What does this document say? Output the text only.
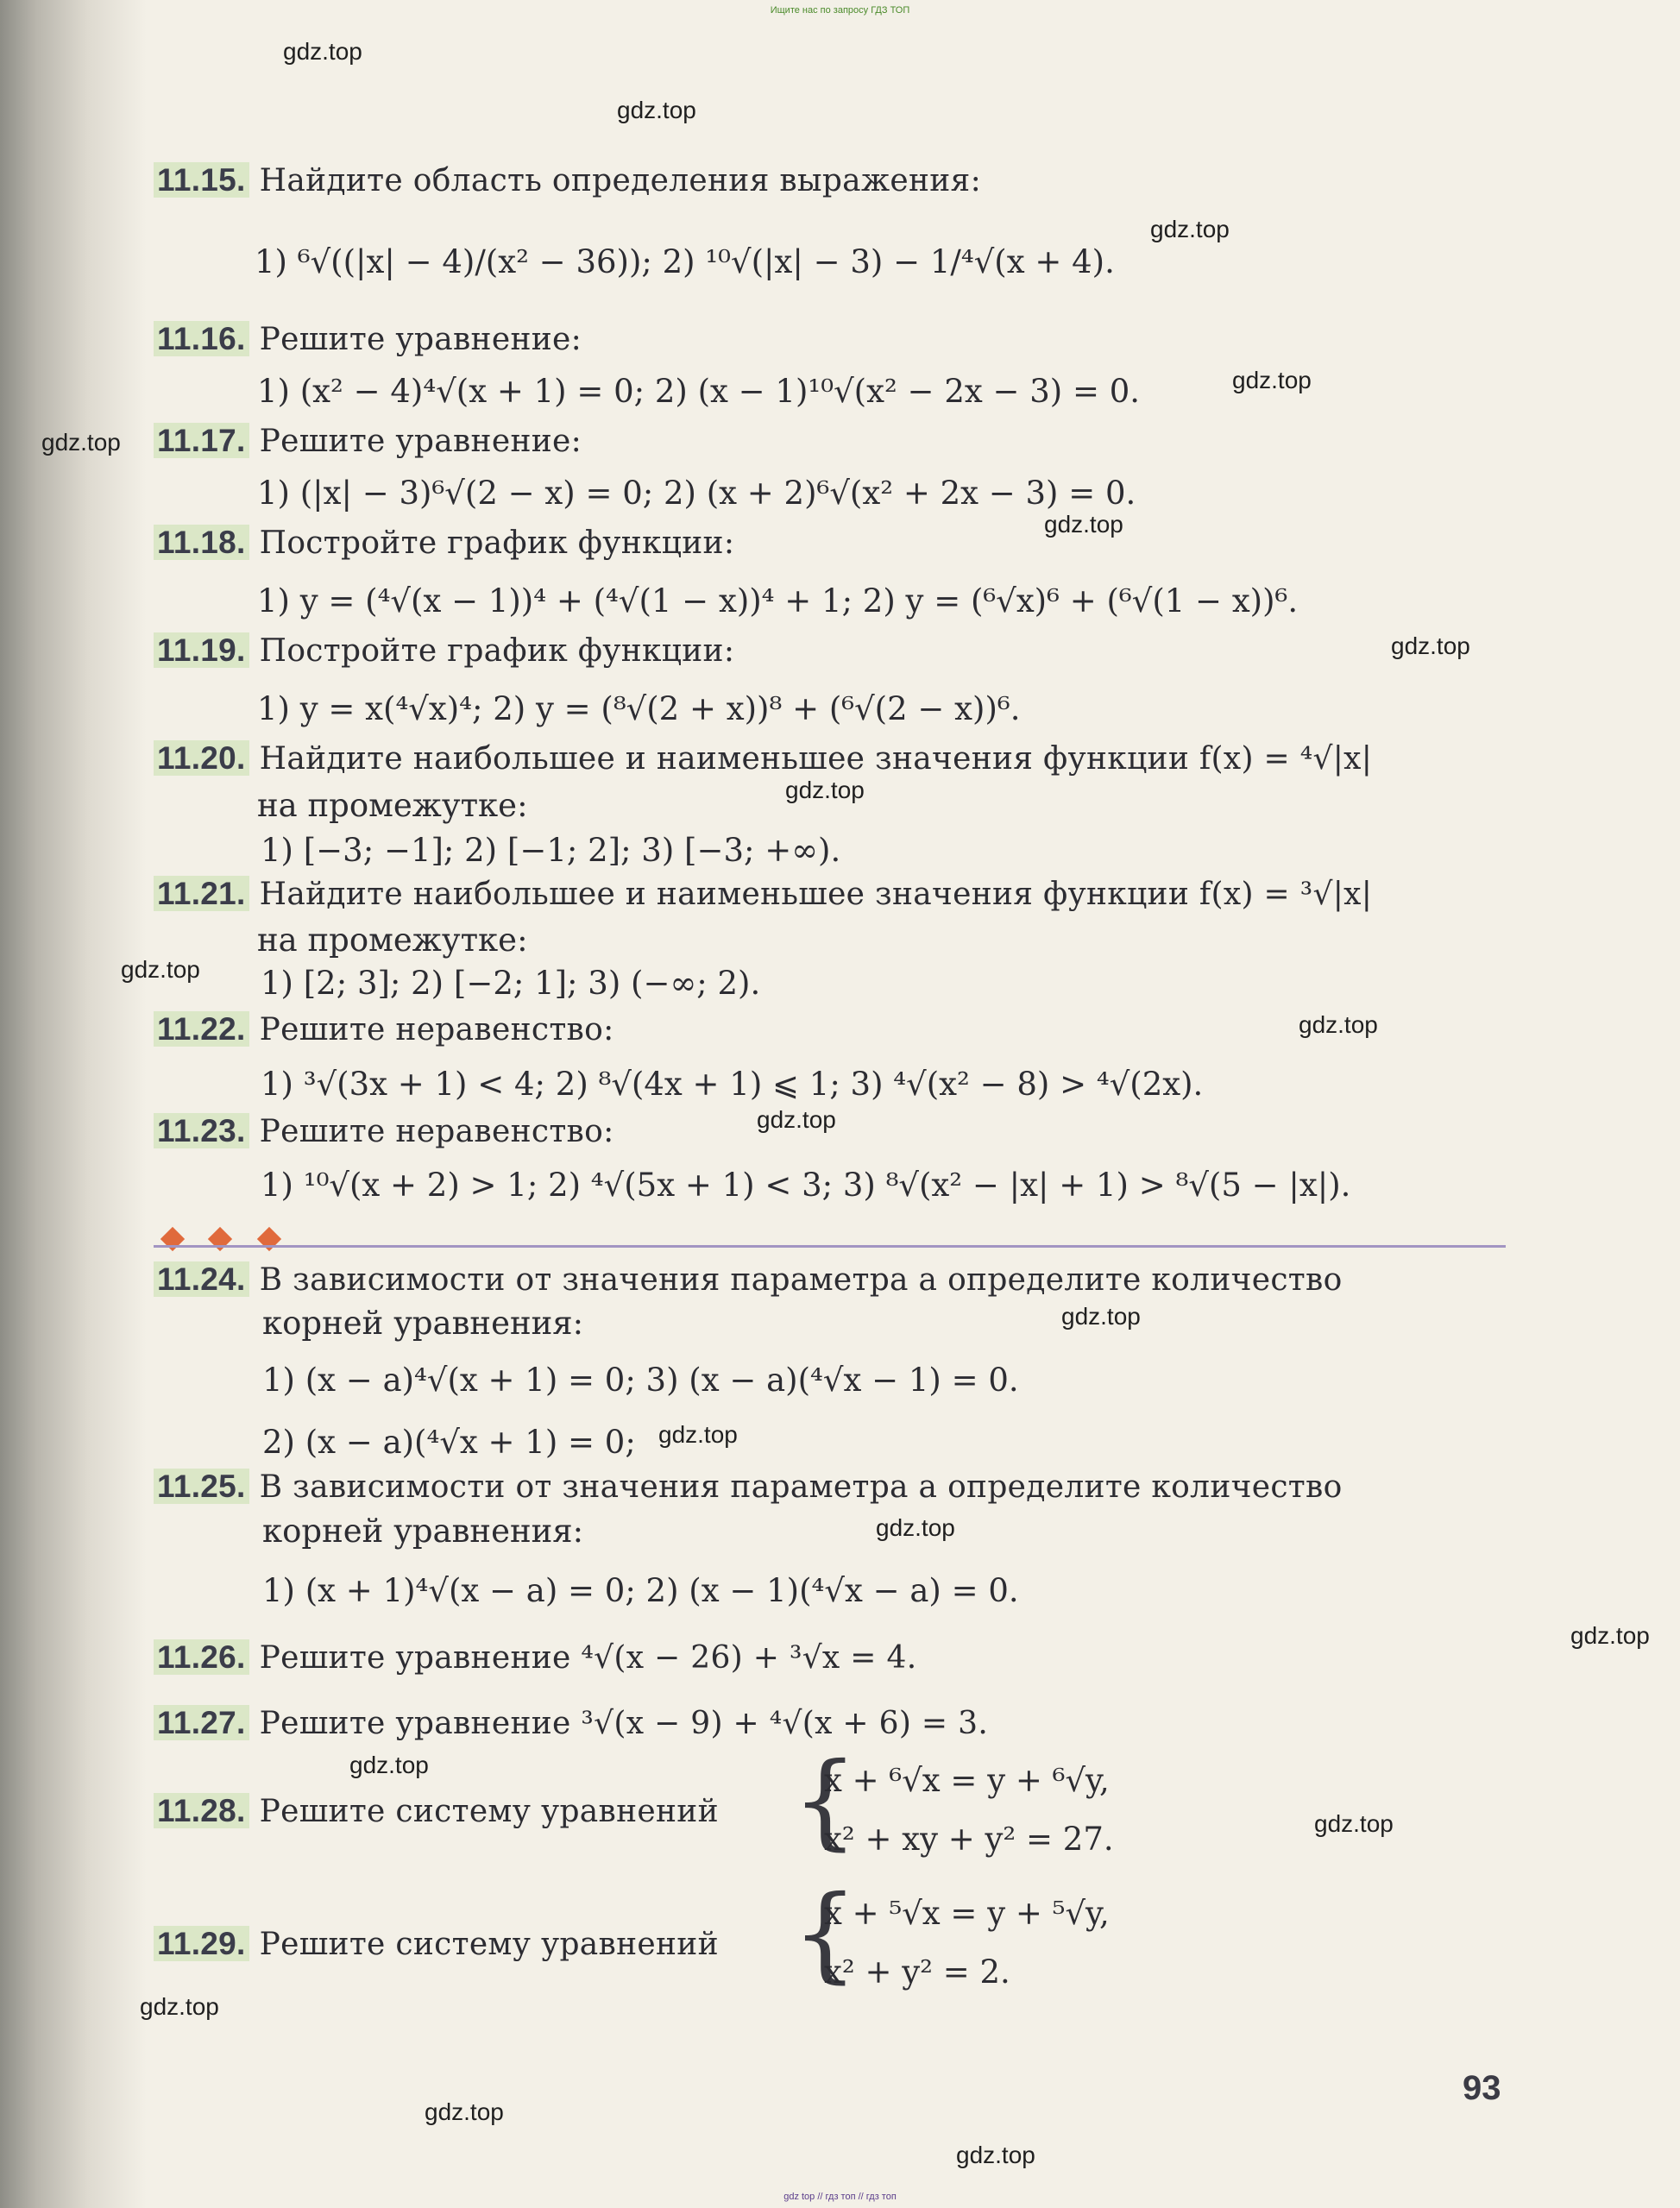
Ищите нас по запросу ГДЗ ТОП
gdz.top
gdz.top
gdz.top
gdz.top
gdz.top
gdz.top
gdz.top
gdz.top
gdz.top
gdz.top
gdz.top
gdz.top
gdz.top
gdz.top
gdz.top
gdz.top
gdz.top
gdz.top
gdz.top
gdz.top
11.15. Найдите область определения выражения:
1) ⁶√((|x| − 4)/(x² − 36)); 2) ¹⁰√(|x| − 3) − 1/⁴√(x + 4).
11.16. Решите уравнение:
1) (x² − 4)⁴√(x + 1) = 0; 2) (x − 1)¹⁰√(x² − 2x − 3) = 0.
11.17. Решите уравнение:
1) (|x| − 3)⁶√(2 − x) = 0; 2) (x + 2)⁶√(x² + 2x − 3) = 0.
11.18. Постройте график функции:
1) y = (⁴√(x − 1))⁴ + (⁴√(1 − x))⁴ + 1; 2) y = (⁶√x)⁶ + (⁶√(1 − x))⁶.
11.19. Постройте график функции:
1) y = x(⁴√x)⁴; 2) y = (⁸√(2 + x))⁸ + (⁶√(2 − x))⁶.
11.20. Найдите наибольшее и наименьшее значения функции f(x) = ⁴√|x|
на промежутке:
1) [−3; −1]; 2) [−1; 2]; 3) [−3; +∞).
11.21. Найдите наибольшее и наименьшее значения функции f(x) = ³√|x|
на промежутке:
1) [2; 3]; 2) [−2; 1]; 3) (−∞; 2).
11.22. Решите неравенство:
1) ³√(3x + 1) < 4; 2) ⁸√(4x + 1) ⩽ 1; 3) ⁴√(x² − 8) > ⁴√(2x).
11.23. Решите неравенство:
1) ¹⁰√(x + 2) > 1; 2) ⁴√(5x + 1) < 3; 3) ⁸√(x² − |x| + 1) > ⁸√(5 − |x|).
11.24. В зависимости от значения параметра a определите количество
корней уравнения:
1) (x − a)⁴√(x + 1) = 0; 3) (x − a)(⁴√x − 1) = 0.
2) (x − a)(⁴√x + 1) = 0;
11.25. В зависимости от значения параметра a определите количество
корней уравнения:
1) (x + 1)⁴√(x − a) = 0; 2) (x − 1)(⁴√x − a) = 0.
11.26. Решите уравнение ⁴√(x − 26) + ³√x = 4.
11.27. Решите уравнение ³√(x − 9) + ⁴√(x + 6) = 3.
11.28. Решите систему уравнений {
x + ⁶√x = y + ⁶√y,
x² + xy + y² = 27.
11.29. Решите систему уравнений {
x + ⁵√x = y + ⁵√y,
x² + y² = 2.
93
gdz top // гдз топ // гдз топ
